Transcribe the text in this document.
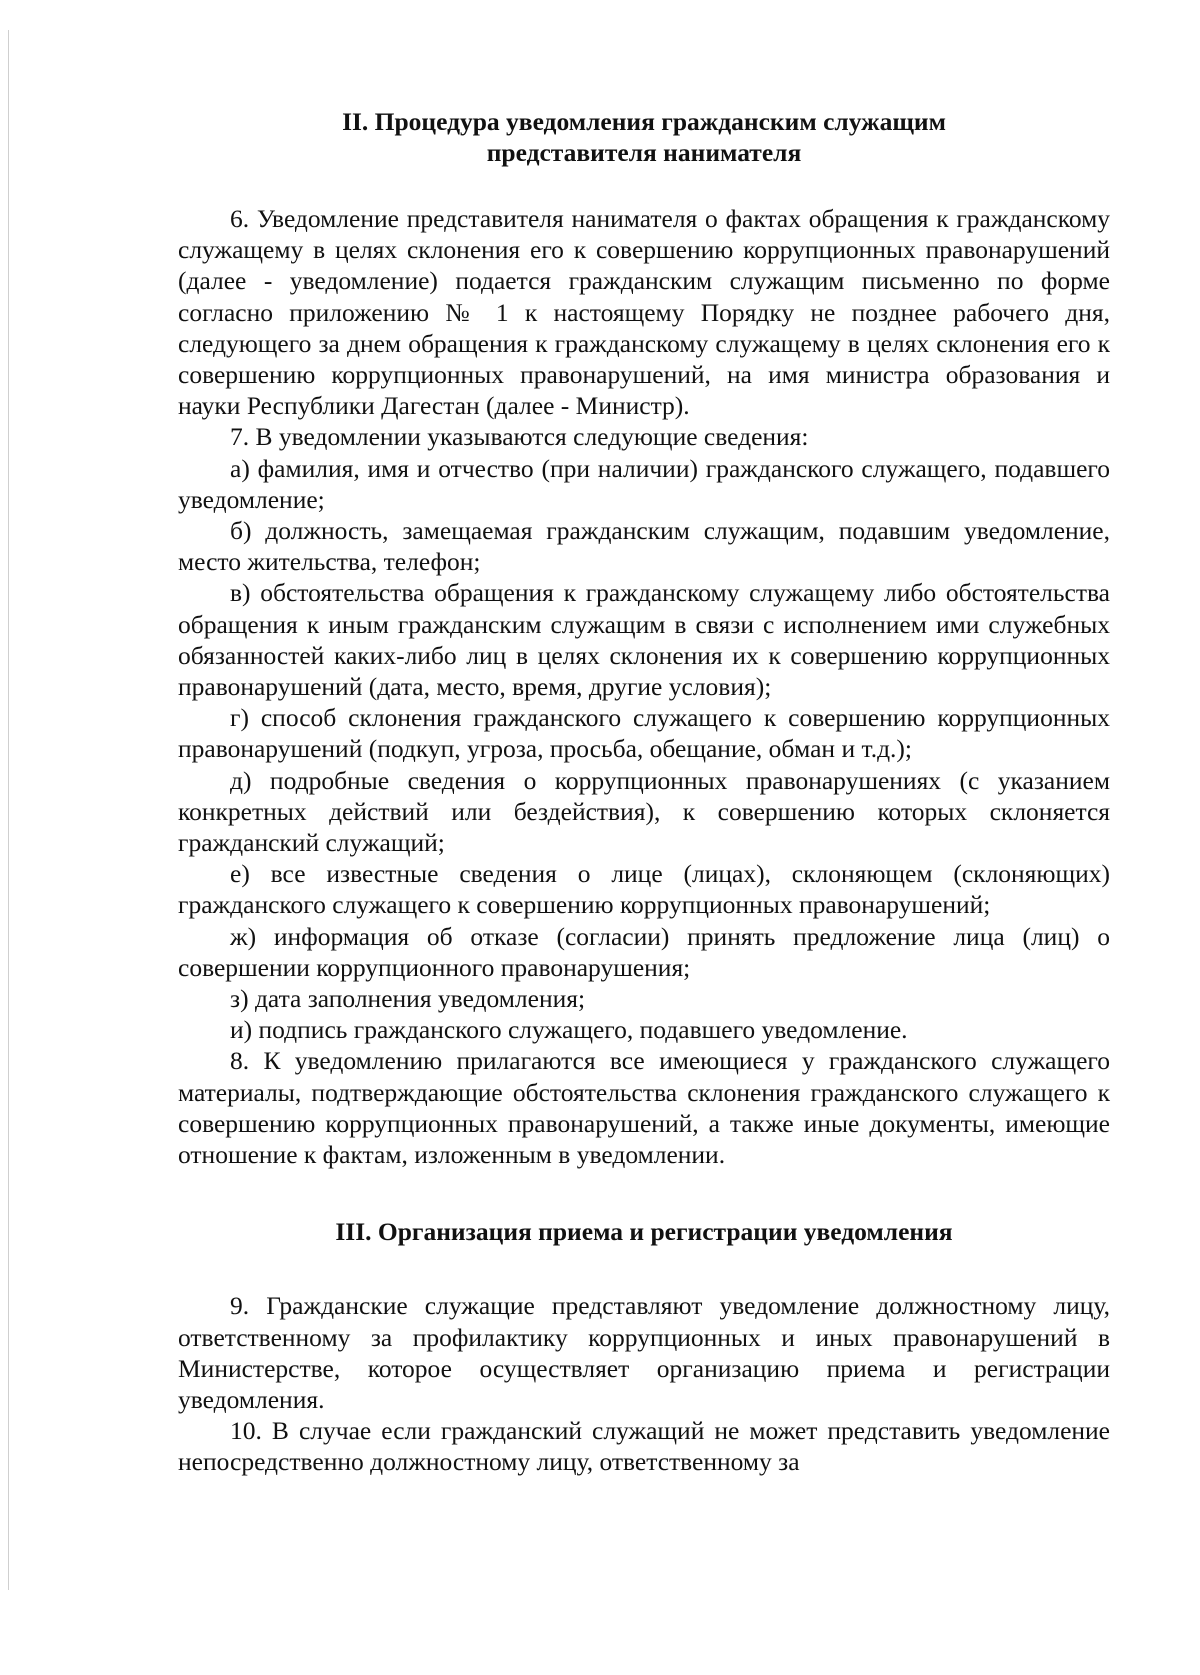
II. Процедура уведомления гражданским служащим
представителя нанимателя

6. Уведомление представителя нанимателя о фактах обращения к гражданскому служащему в целях склонения его к совершению коррупционных правонарушений (далее - уведомление) подается гражданским служащим письменно по форме согласно приложению № 1 к настоящему Порядку не позднее рабочего дня, следующего за днем обращения к гражданскому служащему в целях склонения его к совершению коррупционных правонарушений, на имя министра образования и науки Республики Дагестан (далее - Министр).

7. В уведомлении указываются следующие сведения:

а) фамилия, имя и отчество (при наличии) гражданского служащего, подавшего уведомление;

б) должность, замещаемая гражданским служащим, подавшим уведомление, место жительства, телефон;

в) обстоятельства обращения к гражданскому служащему либо обстоятельства обращения к иным гражданским служащим в связи с исполнением ими служебных обязанностей каких-либо лиц в целях склонения их к совершению коррупционных правонарушений (дата, место, время, другие условия);

г) способ склонения гражданского служащего к совершению коррупционных правонарушений (подкуп, угроза, просьба, обещание, обман и т.д.);

д) подробные сведения о коррупционных правонарушениях (с указанием конкретных действий или бездействия), к совершению которых склоняется гражданский служащий;

е) все известные сведения о лице (лицах), склоняющем (склоняющих) гражданского служащего к совершению коррупционных правонарушений;

ж) информация об отказе (согласии) принять предложение лица (лиц) о совершении коррупционного правонарушения;

з) дата заполнения уведомления;

и) подпись гражданского служащего, подавшего уведомление.

8. К уведомлению прилагаются все имеющиеся у гражданского служащего материалы, подтверждающие обстоятельства склонения гражданского служащего к совершению коррупционных правонарушений, а также иные документы, имеющие отношение к фактам, изложенным в уведомлении.

III. Организация приема и регистрации уведомления

9. Гражданские служащие представляют уведомление должностному лицу, ответственному за профилактику коррупционных и иных правонарушений в Министерстве, которое осуществляет организацию приема и регистрации уведомления.

10. В случае если гражданский служащий не может представить уведомление непосредственно должностному лицу, ответственному за
